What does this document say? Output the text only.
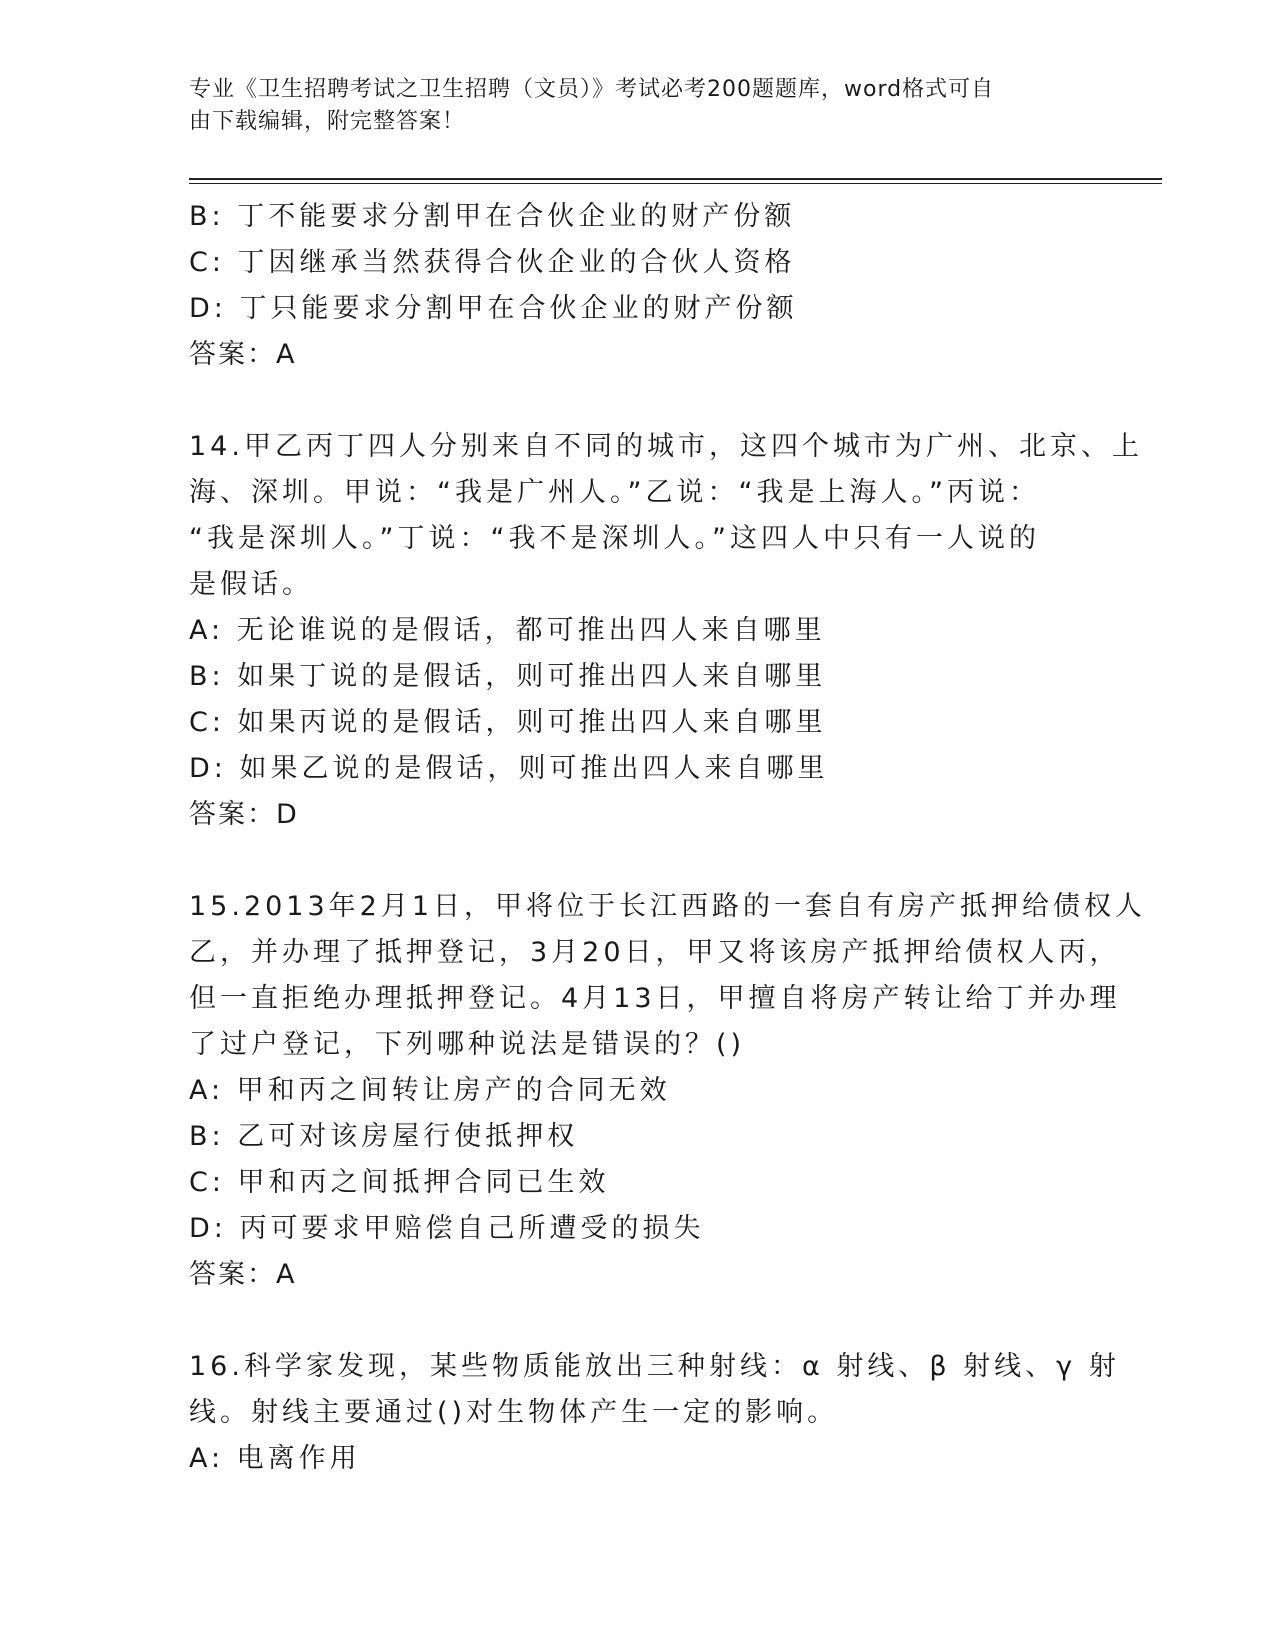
专业《卫生招聘考试之卫生招聘（文员）》考试必考200题题库，word格式可自
由下载编辑，附完整答案！
B: 丁不能要求分割甲在合伙企业的财产份额
C: 丁因继承当然获得合伙企业的合伙人资格
D: 丁只能要求分割甲在合伙企业的财产份额
答案：A
14.甲乙丙丁四人分别来自不同的城市，这四个城市为广州、北京、上
海、深圳。甲说：“我是广州人。”乙说：“我是上海人。”丙说：
“我是深圳人。”丁说：“我不是深圳人。”这四人中只有一人说的
是假话。
A: 无论谁说的是假话，都可推出四人来自哪里
B: 如果丁说的是假话，则可推出四人来自哪里
C: 如果丙说的是假话，则可推出四人来自哪里
D: 如果乙说的是假话，则可推出四人来自哪里
答案：D
15.2013年2月1日，甲将位于长江西路的一套自有房产抵押给债权人
乙，并办理了抵押登记，3月20日，甲又将该房产抵押给债权人丙，
但一直拒绝办理抵押登记。4月13日，甲擅自将房产转让给丁并办理
了过户登记，下列哪种说法是错误的？()
A: 甲和丙之间转让房产的合同无效
B: 乙可对该房屋行使抵押权
C: 甲和丙之间抵押合同已生效
D: 丙可要求甲赔偿自己所遭受的损失
答案：A
16.科学家发现，某些物质能放出三种射线：α 射线、β 射线、γ 射
线。射线主要通过()对生物体产生一定的影响。
A: 电离作用
